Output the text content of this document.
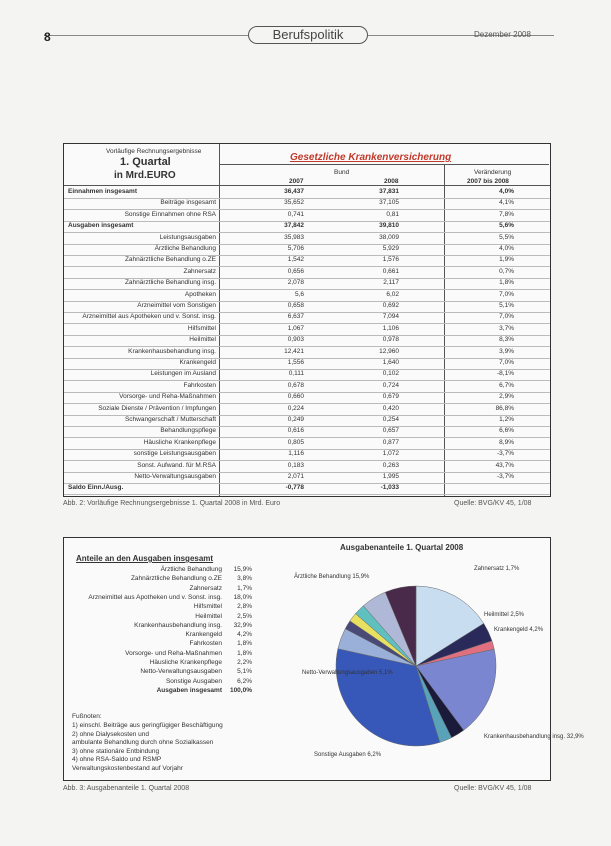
8	Berufspolitik	Dezember 2008
Vorläufige Rechnungsergebnisse
1. Quartal
in Mrd.EURO
Gesetzliche Krankenversicherung
Bund
2007	2008
Veränderung
2007 bis 2008
Einnahmen insgesamt	36,437	37,831	4,0%
Beiträge insgesamt	35,652	37,105	4,1%
Sonstige Einnahmen ohne RSA	0,741	0,81	7,8%
Ausgaben insgesamt	37,842	39,810	5,6%
Leistungsausgaben	35,983	38,009	5,5%
Ärztliche Behandlung	5,706	5,929	4,0%
Zahnärztliche Behandlung o.ZE	1,542	1,576	1,9%
Zahnersatz	0,656	0,661	0,7%
Zahnärztliche Behandlung insg.	2,078	2,117	1,8%
Apotheken	5,6	6,02	7,0%
Arzneimittel vom Sonstigen	0,658	0,692	5,1%
Arzneimittel aus Apotheken und v. Sonst. insg.	6,637	7,094	7,0%
Hilfsmittel	1,067	1,106	3,7%
Heilmittel	0,903	0,978	8,3%
Krankenhausbehandlung insg.	12,421	12,960	3,9%
Krankengeld	1,556	1,640	7,0%
Leistungen im Ausland	0,111	0,102	-8,1%
Fahrkosten	0,678	0,724	6,7%
Vorsorge- und Reha-Maßnahmen	0,660	0,679	2,9%
Soziale Dienste / Prävention / Impfungen	0,224	0,420	86,8%
Schwangerschaft / Mutterschaft	0,249	0,254	1,2%
Behandlungspflege	0,616	0,657	6,6%
Häusliche Krankenpflege	0,805	0,877	8,9%
sonstige Leistungsausgaben	1,116	1,072	-3,7%
Sonst. Aufwand. für M.RSA	0,183	0,263	43,7%
Netto-Verwaltungsausgaben	2,071	1,995	-3,7%
Saldo Einn./Ausg.	-0,778	-1,033
Abb. 2: Vorläufige Rechnungsergebnisse 1. Quartal 2008 in Mrd. Euro	Quelle: BVG/KV 45, 1/08
Anteile an den Ausgaben insgesamt
Ärztliche Behandlung	15,9%
Zahnärztliche Behandlung o.ZE	3,8%
Zahnersatz	1,7%
Arzneimittel aus Apotheken und v. Sonst. insg.	18,0%
Hilfsmittel	2,8%
Heilmittel	2,5%
Krankenhausbehandlung insg.	32,9%
Krankengeld	4,2%
Fahrkosten	1,8%
Vorsorge- und Reha-Maßnahmen	1,8%
Häusliche Krankenpflege	2,2%
Netto-Verwaltungsausgaben	5,1%
Sonstige Ausgaben	6,2%
Ausgaben insgesamt	100,0%
Fußnoten:
1) einschl. Beiträge aus geringfügiger Beschäftigung
2) ohne Dialysekosten und
ambulante Behandlung durch ohne Sozialkassen
3) ohne stationäre Entbindung
4) ohne RSA-Saldo und RSMP
Verwaltungskostenbestand auf Vorjahr
Ausgabenanteile 1. Quartal 2008
Ärztliche Behandlung 15,9%
Zahnersatz 1,7%
Heilmittel 2,5%
Krankenhausbehandlung insg. 32,9%
Krankengeld 4,2%
Netto-Verwaltungsausgaben 5,1%
Sonstige Ausgaben 6,2%
Abb. 3: Ausgabenanteile 1. Quartal 2008	Quelle: BVG/KV 45, 1/08
